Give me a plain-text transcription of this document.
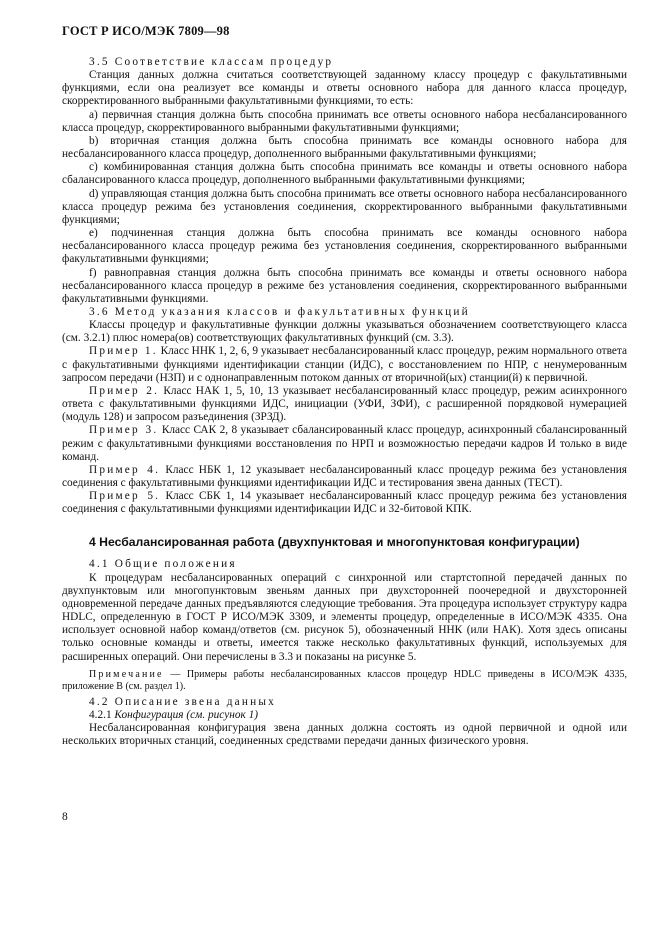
ГОСТ Р ИСО/МЭК 7809—98

3.5 Соответствие классам процедур

Станция данных должна считаться соответствующей заданному классу процедур с факультативными функциями, если она реализует все команды и ответы основного набора для данного класса процедур, скорректированного выбранными факультативными функциями, то есть:

a) первичная станция должна быть способна принимать все ответы основного набора несбалансированного класса процедур, скорректированного выбранными факультативными функциями;

b) вторичная станция должна быть способна принимать все команды основного набора для несбалансированного класса процедур, дополненного выбранными факультативными функциями;

c) комбинированная станция должна быть способна принимать все команды и ответы основного набора сбалансированного класса процедур, дополненного выбранными факультативными функциями;

d) управляющая станция должна быть способна принимать все ответы основного набора несбалансированного класса процедур режима без установления соединения, скорректированного выбранными факультативными функциями;

e) подчиненная станция должна быть способна принимать все команды основного набора несбалансированного класса процедур режима без установления соединения, скорректированного выбранными факультативными функциями;

f) равноправная станция должна быть способна принимать все команды и ответы основного набора несбалансированного класса процедур в режиме без установления соединения, скорректированного выбранными факультативными функциями.

3.6 Метод указания классов и факультативных функций

Классы процедур и факультативные функции должны указываться обозначением соответствующего класса (см. 3.2.1) плюс номера(ов) соответствующих факультативных функций (см. 3.3).

Пример 1. Класс ННК 1, 2, 6, 9 указывает несбалансированный класс процедур, режим нормального ответа с факультативными функциями идентификации станции (ИДС), с восстановлением по НПР, с ненумерованным запросом передачи (НЗП) и с однонаправленным потоком данных от вторичной(ых) станции(й) к первичной.

Пример 2. Класс НАК 1, 5, 10, 13 указывает несбалансированный класс процедур, режим асинхронного ответа с факультативными функциями ИДС, инициации (УФИ, ЗФИ), с расширенной порядковой нумерацией (модуль 128) и запросом разъединения (ЗРЗД).

Пример 3. Класс САК 2, 8 указывает сбалансированный класс процедур, асинхронный сбалансированный режим с факультативными функциями восстановления по НРП и возможностью передачи кадров И только в виде команд.

Пример 4. Класс НБК 1, 12 указывает несбалансированный класс процедур режима без установления соединения с факультативными функциями идентификации ИДС и тестирования звена данных (ТЕСТ).

Пример 5. Класс СБК 1, 14 указывает несбалансированный класс процедур режима без установления соединения с факультативными функциями идентификации ИДС и 32-битовой КПК.

4 Несбалансированная работа (двухпунктовая и многопунктовая конфигурации)

4.1 Общие положения

К процедурам несбалансированных операций с синхронной или стартстопной передачей данных по двухпунктовым или многопунктовым звеньям данных при двухсторонней поочередной и двухсторонней одновременной передаче данных предъявляются следующие требования. Эта процедура использует структуру кадра HDLC, определенную в ГОСТ Р ИСО/МЭК 3309, и элементы процедур, определенные в ИСО/МЭК 4335. Она использует основной набор команд/ответов (см. рисунок 5), обозначенный ННК (или НАК). Хотя здесь описаны только основные команды и ответы, имеется также несколько факультативных функций, используемых для расширенных операций. Они перечислены в 3.3 и показаны на рисунке 5.

Примечание — Примеры работы несбалансированных классов процедур HDLC приведены в ИСО/МЭК 4335, приложение В (см. раздел 1).

4.2 Описание звена данных

4.2.1 Конфигурация (см. рисунок 1)

Несбалансированная конфигурация звена данных должна состоять из одной первичной и одной или нескольких вторичных станций, соединенных средствами передачи данных физического уровня.

8
